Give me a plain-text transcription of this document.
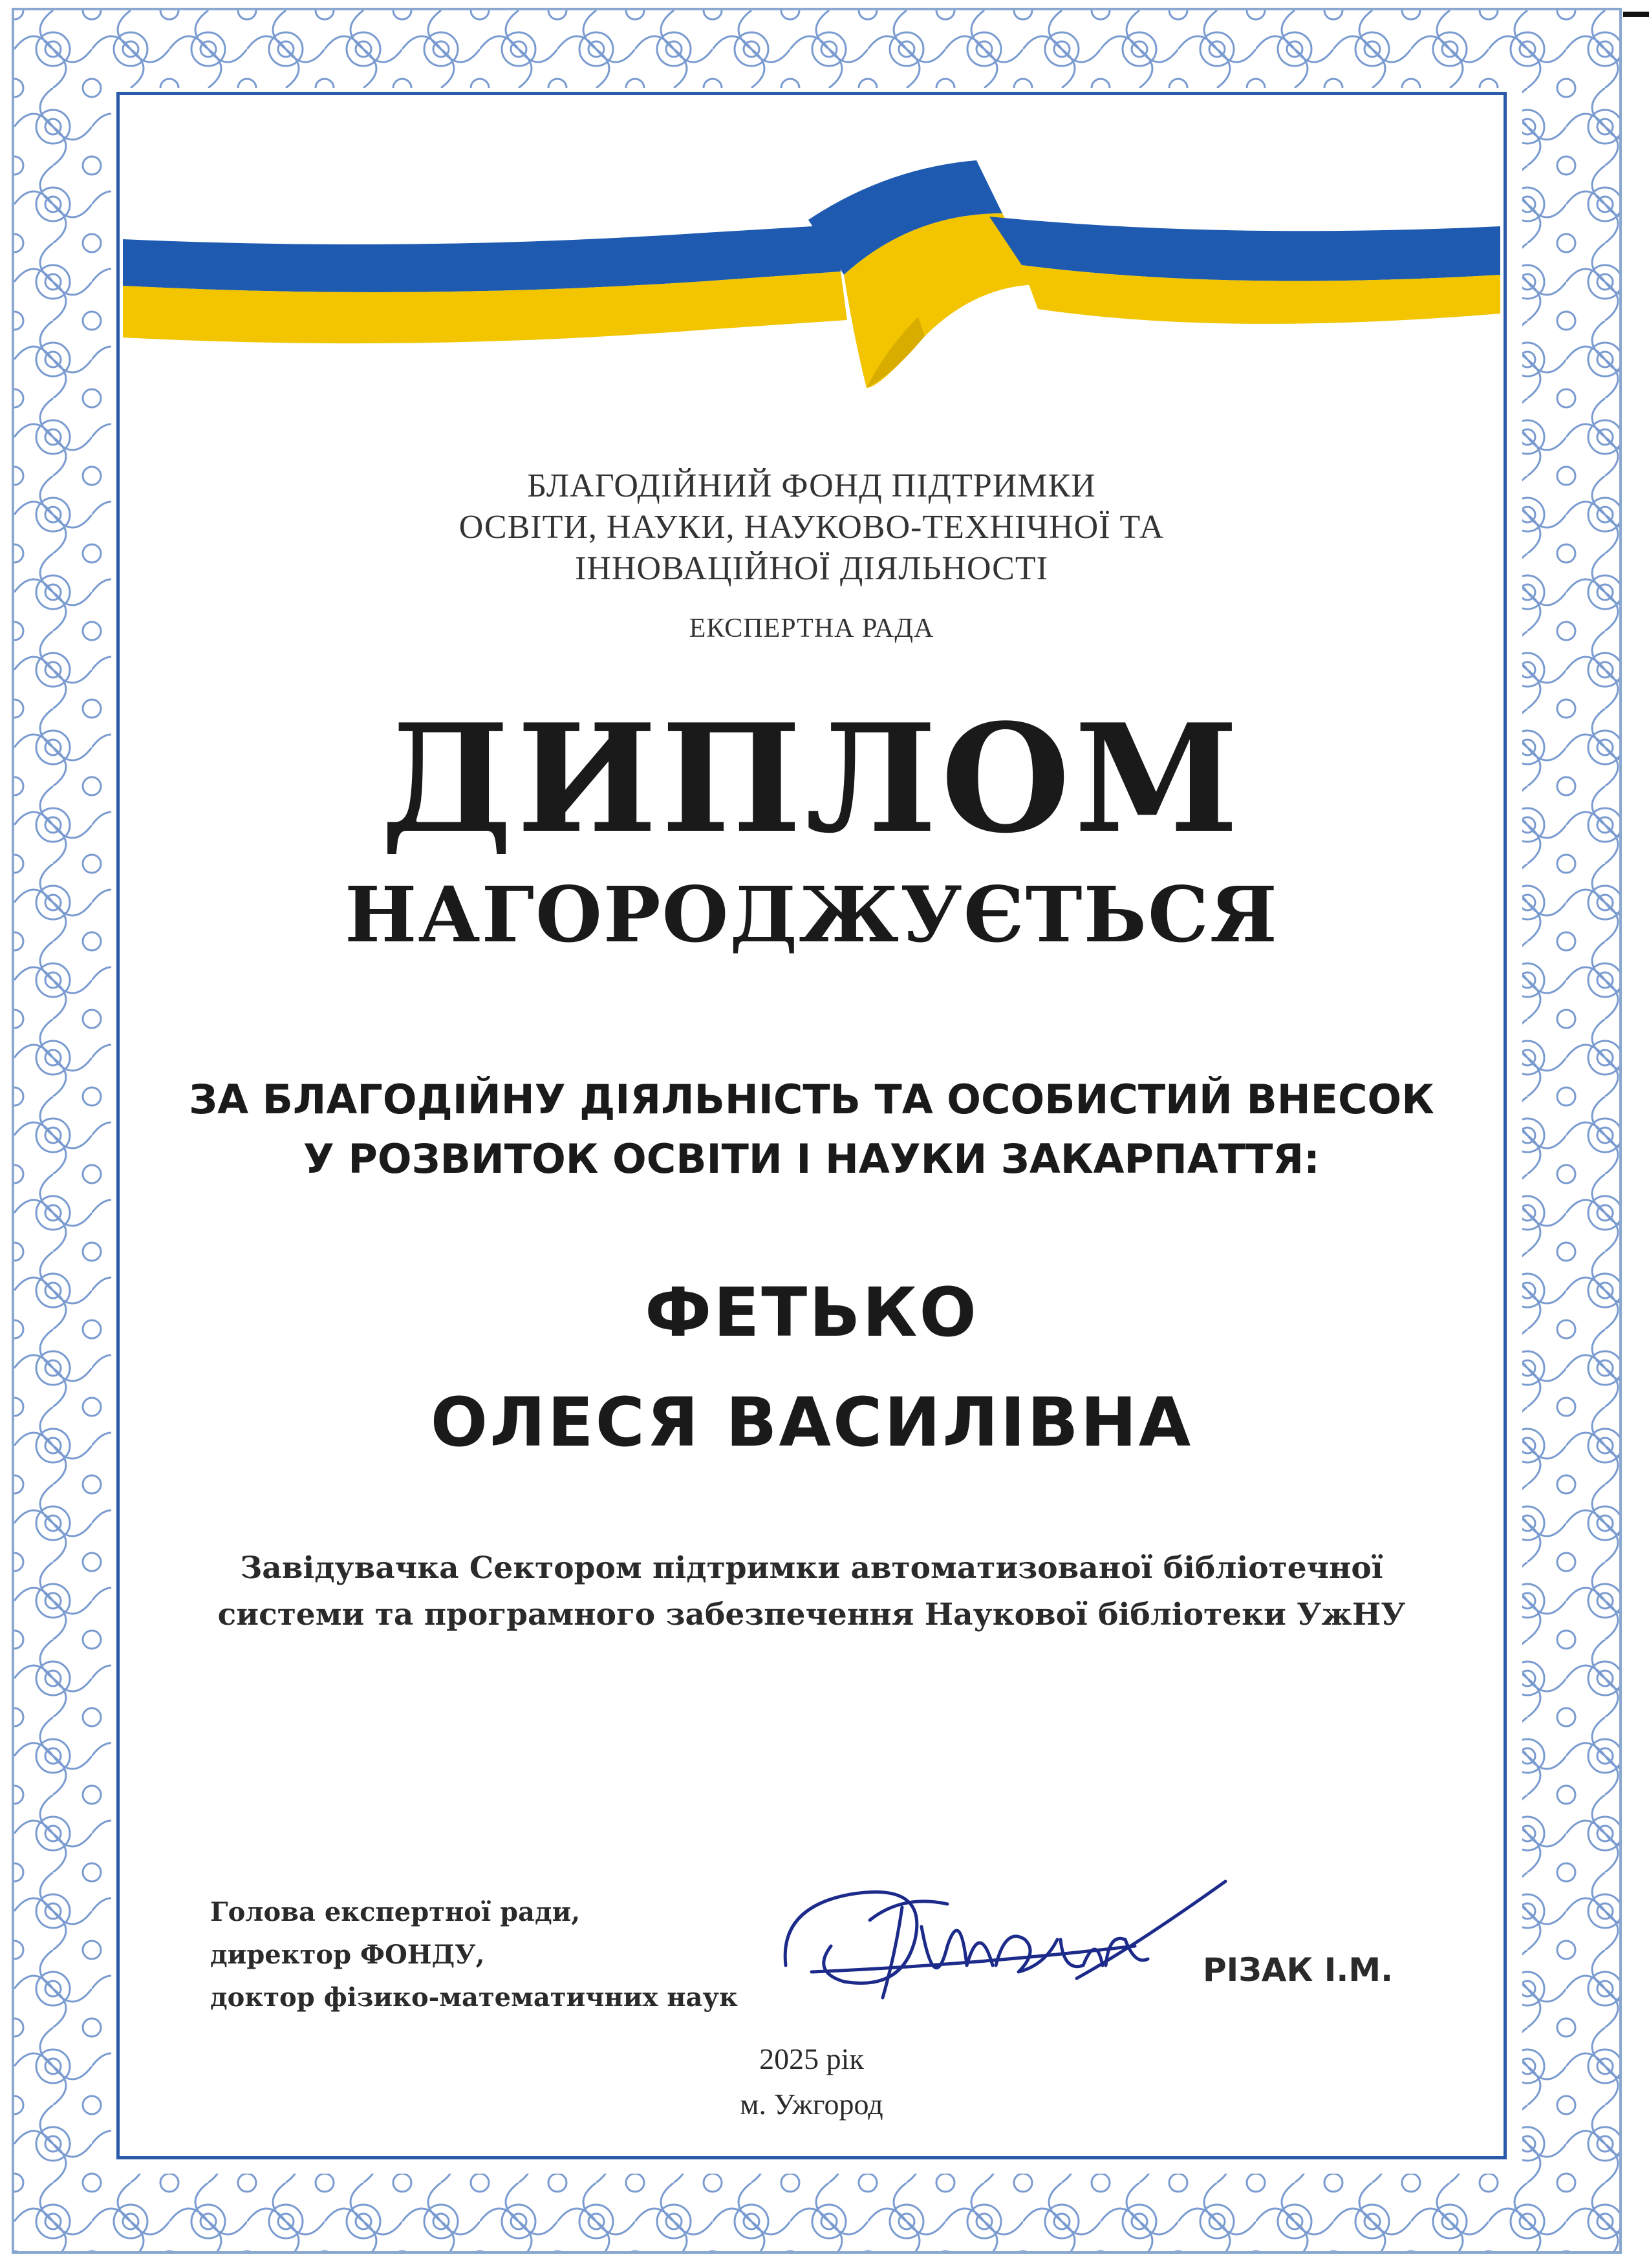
БЛАГОДІЙНИЙ ФОНД ПІДТРИМКИ
ОСВІТИ, НАУКИ, НАУКОВО-ТЕХНІЧНОЇ ТА
ІННОВАЦІЙНОЇ ДІЯЛЬНОСТІ
ЕКСПЕРТНА РАДА
ДИПЛОМ
НАГОРОДЖУЄТЬСЯ
ЗА БЛАГОДІЙНУ ДІЯЛЬНІСТЬ ТА ОСОБИСТИЙ ВНЕСОК
У РОЗВИТОК ОСВІТИ І НАУКИ ЗАКАРПАТТЯ:
ФЕТЬКО
ОЛЕСЯ ВАСИЛІВНА
Завідувачка Сектором підтримки автоматизованої бібліотечної
системи та програмного забезпечення Наукової бібліотеки УжНУ
Голова експертної ради,
директор ФОНДУ,
доктор фізико-математичних наук
РІЗАК І.М.
2025 рік
м. Ужгород
